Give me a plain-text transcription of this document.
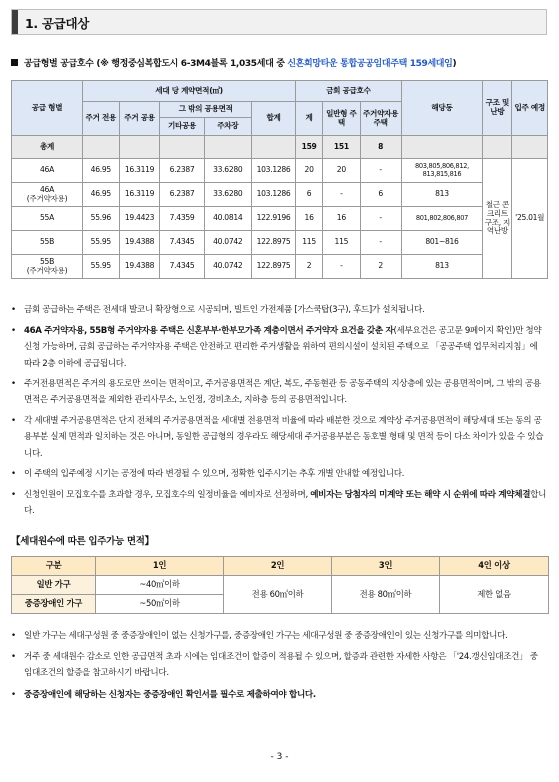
1. 공급대상
공급형별 공급호수 (※ 행정중심복합도시 6-3M4블록 1,035세대 중 신혼희망타운 통합공공임대주택 159세대임)
공급 형별	세대 당 계약면적(㎡)					금회 공급호수			해당동	구조 및 난방	입주 예정
	주거 전용	주거 공용	그 밖의 공용면적		합계	계	일반형 주택	주거약자용 주택			
			기타공용	주차장							
총계						159	151	8			
46A	46.95	16.3119	6.2387	33.6280	103.1286	20	20	-	803,805,806,812, 813,815,816	철근 콘크리트 구조, 지역난방	'25.01월
46A
(주거약자용)	46.95	16.3119	6.2387	33.6280	103.1286	6	-	6	813		
55A	55.96	19.4423	7.4359	40.0814	122.9196	16	16	-	801,802,806,807		
55B	55.95	19.4388	7.4345	40.0742	122.8975	115	115	-	801~816		
55B
(주거약자용)	55.95	19.4388	7.4345	40.0742	122.8975	2	-	2	813		
• 금회 공급하는 주택은 전세대 발코니 확장형으로 시공되며, 빌트인 가전제품 [가스쿡탑(3구), 후드]가 설치됩니다.
• 46A 주거약자용, 55B형 주거약자용 주택은 신혼부부·한부모가족 계층이면서 주거약자 요건을 갖춘 자(세부요건은 공고문 9페이지 확인)만 청약신청 가능하며, 금회 공급하는 주거약자용 주택은 안전하고 편리한 주거생활을 위하여 편의시설이 설치된 주택으로 「공공주택 업무처리지침」에 따라 2층 이하에 공급됩니다.
• 주거전용면적은 주거의 용도로만 쓰이는 면적이고, 주거공용면적은 계단, 복도, 주동현관 등 공동주택의 지상층에 있는 공용면적이며, 그 밖의 공용면적은 주거공용면적을 제외한 관리사무소, 노인정, 경비초소, 지하층 등의 공용면적입니다.
• 각 세대별 주거공용면적은 단지 전체의 주거공용면적을 세대별 전용면적 비율에 따라 배분한 것으로 계약상 주거공용면적이 해당세대 또는 동의 공용부분 실제 면적과 일치하는 것은 아니며, 동일한 공급형의 경우라도 해당세대 주거공용부분은 동호별 형태 및 면적 등이 다소 차이가 있을 수 있습니다.
• 이 주택의 입주예정 시기는 공정에 따라 변경될 수 있으며, 정확한 입주시기는 추후 개별 안내할 예정입니다.
• 신청인원이 모집호수를 초과할 경우, 모집호수의 일정비율을 예비자로 선정하며, 예비자는 당첨자의 미계약 또는 해약 시 순위에 따라 계약체결합니다.
【세대원수에 따른 입주가능 면적】
구분	1인	2인	3인	4인 이상
일반 가구	~40㎡이하	전용 60㎡이하	전용 80㎡이하	제한 없음
중증장애인 가구	~50㎡이하			
• 일반 가구는 세대구성원 중 중증장애인이 없는 신청가구를, 중증장애인 가구는 세대구성원 중 중증장애인이 있는 신청가구를 의미합니다.
• 거주 중 세대원수 감소로 인한 공급면적 초과 시에는 임대조건이 할증이 적용될 수 있으며, 할증과 관련한 자세한 사항은 「'24.갱신임대조건」 중 임대조건의 할증을 참고하시기 바랍니다.
• 중증장애인에 해당하는 신청자는 중증장애인 확인서를 필수로 제출하여야 합니다.
- 3 -
